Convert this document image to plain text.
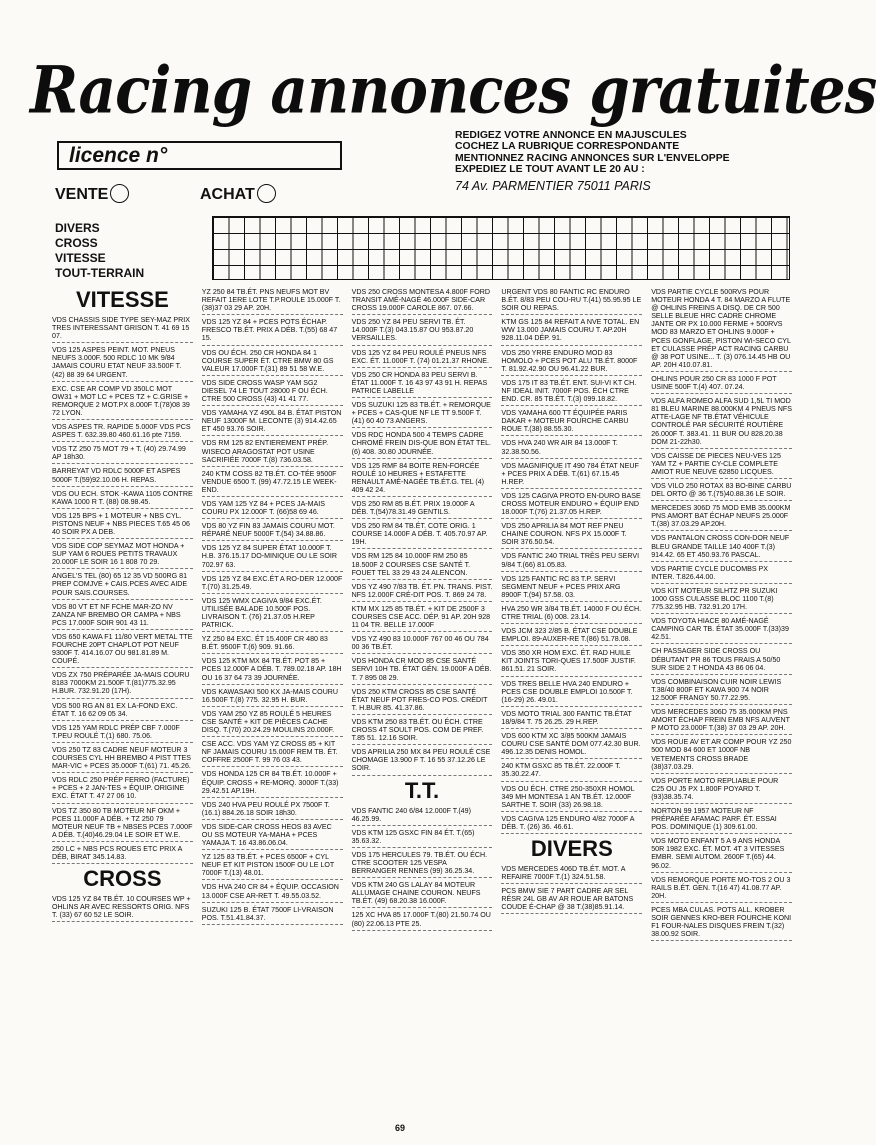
Racing annonces gratuites
licence n°
REDIGEZ VOTRE ANNONCE EN MAJUSCULES
COCHEZ LA RUBRIQUE CORRESPONDANTE
MENTIONNEZ RACING ANNONCES SUR L'ENVELOPPE
EXPEDIEZ LE TOUT AVANT LE 20 AU :
74 Av. PARMENTIER 75011 PARIS
VENTE	ACHAT
DIVERS
CROSS
VITESSE
TOUT-TERRAIN
VITESSE
VDS CHASSIS SIDE TYPE SEY-MAZ PRIX TRES INTERESSANT GRISON T. 41 69 15 07.
VDS 125 ASPES PEINT. MOT. PNEUS NEUFS 3.000F. 500 RDLC 10 MK 9/84 JAMAIS COURU ETAT NEUF 33.500F T. (42) 88 39 64 URGENT.
EXC. CSE AR COMP VD 350LC MOT OW31 + MOT LC + PCES TZ + C.GRISE + REMORQUE 2 MOT.PX 8.000F T.(78)08 39 72 LYON.
VDS ASPES TR. RAPIDE 5.000F VDS PCS ASPES T. 632.39.80 460.61.16 pte 7159.
VDS TZ 250 75 MOT 79 + T. (40) 29.74.99 AP 18h30.
BARREYAT VD RDLC 5000F ET ASPES 5000F T.(59)92.10.06 H. REPAS.
VDS OU ECH. STOK -KAWA 1105 CONTRE KAWA 1000 R T. (88) 08.98.45.
VDS 125 BPS + 1 MOTEUR + NBS CYL. PISTONS NEUF + NBS PIECES T.65 45 06 40 SOIR PX A DEB.
VDS SIDE COP SEYMAZ MOT HONDA + SUP YAM 6 ROUES PETITS TRAVAUX 20.000F LE SOIR 16 1 808 70 29.
ANGEL'S TEL (80) 65 12 35 VD 500RG 81 PREP COMJVE + CAIS.PCES AVEC AIDE POUR SAIS.COURSES.
VDS 80 VT ET NF FCHE MAR-ZO NV ZANZA NF BREMBO OR CAMPA + NBS PCS 17.000F SOIR 901 43 11.
VDS 650 KAWA F1 11/80 VERT METAL TTE FOURCHE 20PT CHAPLOT POT NEUF 9300F T. 414.16.07 OU 981.81.89 M. COUPÉ.
VDS ZX 750 PRÉPARÉE JA-MAIS COURU 8183 7000KM 21.500F T.(81)775.32.95 H.BUR. 732.91.20 (17H).
VDS 500 RG AN 81 EX LA-FOND EXC. ÉTAT T. 16 62 09 05 34.
VDS 125 YAM RDLC PRÉP CBF 7.000F T.PEU ROULÉ T.(1) 680. 75.06.
VDS 250 TZ 83 CADRE NEUF MOTEUR 3 COURSES CYL HH BREMBO 4 PIST TTES MAR-VIC + PCES 35.000F T.(61) 71. 45.26.
VDS RDLC 250 PRÉP FERRO (FACTURE) + PCES + 2 JAN-TES + ÉQUIP. ORIGINE EXC. ÉTAT T. 47 27 06 10.
VDS TZ 350 80 TB MOTEUR NF OKM + PCES 11.000F A DÉB. + TZ 250 79 MOTEUR NEUF TB + NBSES PCES 7.000F A DÉB. T.(40)46.29.04 LE SOIR ET W.E.
250 LC + NBS PCS ROUES ETC PRIX A DÉB, BIRAT 345.14.83.
CROSS
VDS 125 YZ 84 TB.ÉT. 10 COURSES WP + OHLINS AR AVEC RESSORTS ORIG. NFS T. (33) 67 60 52 LE SOIR.
YZ 250 84 TB.ÉT. PNS NEUFS MOT BV REFAIT 1ERE LOTE T.P.ROULE 15.000F T.(38)37 03 29 AP. 20H.
VDS 125 YZ 84 + PCES POTS ÉCHAP. FRESCO TB.ÉT. PRIX A DÉB. T.(55) 68 47 15.
VDS OU ÉCH. 250 CR HONDA 84 1 COURSE SUPER ÉT. CTRE BMW 80 GS VALEUR 17.000F T.(31) 89 51 58 W.E.
VDS SIDE CROSS WASP YAM SG2 DIESEL 74 LE TOUT 28000 F OU ÉCH. CTRE 500 CROSS (43) 41 41 77.
VDS YAMAHA YZ 490L 84 B. ÉTAT PISTON NEUF 13000F M. LECONTE (3) 914.42.65 ET 450 93.76 SOIR.
VDS RM 125 82 ENTIEREMENT PRÉP. WISECO ARAGOSTAT POT USINE SACRIFIÉE 7000F T.(8) 736.03.58.
240 KTM COSS 82 TB.ÉT. CO-TÉE 9500F VENDUE 6500 T. (99) 47.72.15 LE WEEK-END.
VDS YAM 125 YZ 84 + PCES JA-MAIS COURU PX 12.000F T. (66)58 69 46.
VDS 80 YZ FIN 83 JAMAIS COURU MOT. RÉPARÉ NEUF 5000F T.(54) 34.88.86.
VDS 125 YZ 84 SUPER ÉTAT 10.000F T. H.B. 376.15.17 DO-MINIQUE OU LE SOIR 702.97 63.
VDS 125 YZ 84 EXC.ÉT A RO-DER 12.000F T.(70) 31.25.49.
VDS 125 WMX CAGIVA 9/84 EXC.ÉT. UTILISÉE BALADE 10.500F POS. LIVRAISON T. (76) 21.37.05 H.REP PATRICK.
YZ 250 84 EXC. ÉT 15.400F CR 480 83 B.ÉT. 9500F T.(6) 909. 91.66.
VDS 125 KTM MX 84 TB.ÉT. POT 85 + PCES 12.000F A DÉB. T. 789.02.18 AP. 18H OU 16 37 64 73 39 JOURNÉE.
VDS KAWASAKI 500 KX JA-MAIS COURU 16.500F T.(8) 775. 32.95 H. BUR.
VDS YAM 250 YZ 85 ROULÉ 5 HEURES CSE SANTÉ + KIT DE PIÈCES CACHE DISQ. T.(70) 20.24.29 MOULINS 20.000F.
CSE ACC. VDS YAM YZ CROSS 85 + KIT NF JAMAIS COURU 15.000F REM TB. ÉT. COFFRE 2500F T. 99 76 03 43.
VDS HONDA 125 CR 84 TB.ÉT. 10.000F + ÉQUIP. CROSS + RE-MORQ. 3000F T.(33) 29.42.51 AP.19H.
VDS 240 HVA PEU ROULÉ PX 7500F T.(16.1) 884.26.18 SOIR 18h30.
VDS SIDE-CAR CROSS HEOS 83 AVEC OU SS MOTEUR YA-MAHA + PCES YAMAJA T. 16 43.86.06.04.
YZ 125 83 TB.ÉT. + PCES 6500F + CYL NEUF ET KIT PISTON 1500F OU LE LOT 7000F T.(13) 48.01.
VDS HVA 240 CR 84 + ÉQUIP. OCCASION 13.000F CSE AR-RET T. 49.55.03.52.
SUZUKI 125 B. ÉTAT 7500F LI-VRAISON POS. T.51.41.84.37.
VDS 250 CROSS MONTESA 4.800F FORD TRANSIT AMÉ-NAGÉ 46.000F SIDE-CAR CROSS 19.000F CAROLE 867. 07.66.
VDS 250 YZ 84 PEU SERVI TB. ÉT. 14.000F T.(3) 043.15.87 OU 953.87.20 VERSAILLES.
VDS 125 YZ 84 PEU ROULÉ PNEUS NFS EXC. ÉT. 11.000F T. (74) 01.21.37 RHONE.
VDS 250 CR HONDA 83 PEU SERVI B. ÉTAT 11.000F T. 16 43 97 43 91 H. REPAS PATRICE LABELLE
VDS SUZUKI 125 83 TB.ÉT. + REMORQUE + PCES + CAS-QUE NF LE TT 9.500F T.(41) 60 40 73 ANGERS.
VDS RDC HONDA 500 4 TEMPS CADRE CHROMÉ FREIN DIS-QUE BON ÉTAT TEL. (6) 408. 30.80 JOURNÉE.
VDS 125 RMF 84 BOITE REN-FORCÉE ROULÉ 10 HEURES + ESTAFETTE RENAULT AMÉ-NAGÉE TB.ÉT.G. TEL (4) 409 42 24.
VDS 250 RM 85 B.ÉT. PRIX 19.000F A DÉB. T.(54)78.31.49 GENTILS.
VDS 250 RM 84 TB.ÉT. COTE ORIG. 1 COURSE 14.000F A DÉB. T. 405.70.97 AP. 19H.
VDS RM 125 84 10.000F RM 250 85 18.500F 2 COURSES CSE SANTÉ T. FOUET TEL 33 29 43 24 ALENCON.
VDS YZ 490 7/83 TB. ÉT. PN. TRANS. PIST. NFS 12.000F CRÉ-DIT POS. T. 869 24 78.
KTM MX 125 85 TB.ÉT. + KIT DE 2500F 3 COURSES CSE ACC. DÉP. 91 AP. 20H 928 11 04 TR. BELLE 17.000F
VDS YZ 490 83 10.000F 767 00 46 OU 784 00 36 TB.ÉT.
VDS HONDA CR MOD 85 CSE SANTÉ SERVI 10H TB. ÉTAT GÉN. 19.000F A DÉB. T. 7 895 08 29.
VDS 250 KTM CROSS 85 CSE SANTÉ ÉTAT NEUF POT FRES-CO POS. CRÉDIT T. H.BUR 85. 41.37.86.
VDS KTM 250 83 TB.ÉT. OU ÉCH. CTRE CROSS 4T SOULT POS. COM DE PREF. T.85 51. 12.16 SOIR.
VDS APRILIA 250 MX 84 PEU ROULÉ CSE CHOMAGE 13.900 F T. 16 55 37.12.26 LE SOIR.
T.T.
VDS FANTIC 240 6/84 12.000F T.(49) 46.25.99.
VDS KTM 125 GSXC FIN 84 ÉT. T.(65) 35.63.32.
VDS 175 HERCULES 79. TB.ÉT. OU ÉCH. CTRE SCOOTER 125 VESPA BERRANGER RENNES (99) 36.25.34.
VDS KTM 240 GS LALAY 84 MOTEUR ALLUMAGE CHAINE COURON. NEUFS TB.ÉT. (49) 68.20.38 16.000F.
125 XC HVA 85 17.000F T.(80) 21.50.74 OU (80) 22.06.13 PTE 25.
URGENT VDS 80 FANTIC RC ENDURO B.ÉT. 8/83 PEU COU-RU T.(41) 55.95.95 LE SOIR OU REPAS.
KTM GS 125 84 REFAIT A NVE TOTAL. EN WW 13.000 JAMAIS COURU T. AP.20H 928.11.04 DÉP. 91.
VDS 250 YRRE ENDURO MOD 83 HOMOLO + PCES POT ALU TB.ÉT. 8000F T. 81.92.42.90 OU 96.41.22 BUR.
VDS 175 IT 83 TB.ÉT. ENT. SUI-VI KT CH. NF IDEAL INIT. 7000F POS. ÉCH CTRE END. CR. 85 TB.ÉT. T.(3) 099.18.82.
VDS YAMAHA 600 TT ÉQUIPÉE PARIS DAKAR + MOTEUR FOURCHE CARBU ROUE T.(38) 88.55.30.
VDS HVA 240 WR AIR 84 13.000F T. 32.38.50.56.
VDS MAGNIFIQUE IT 490 784 ÉTAT NEUF + PCES PRIX A DÉB. T.(61) 67.15.45 H.REP.
VDS 125 CAGIVA PROTO EN-DURO BASE CROSS MOTEUR ENDURO + ÉQUIP END 18.000F T.(76) 21.37.05 H.REP.
VDS 250 APRILIA 84 MOT REF PNEU CHAINE COURON. NFS PX 15.000F T. SOIR 376.50.54.
VDS FANTIC 240 TRIAL TRÈS PEU SERVI 9/84 T.(66) 81.05.83.
VDS 125 FANTIC RC 83 T.P. SERVI SEGMENT NEUF + PCES PRIX ARG 8900F T.(94) 57.58. 03.
HVA 250 WR 3/84 TB.ÉT. 14000 F OU ÉCH. CTRE TRIAL (6) 008. 23.14.
VDS JCM 323 2/85 B. ÉTAT CSE DOUBLE EMPLOI. 89-AUXER-RE T.(86) 51.78.08.
VDS 350 XR HOM EXC. ÉT. RAD HUILE KIT JOINTS TORI-QUES 17.500F JUSTIF. 861.51. 21 SOIR.
VDS TRES BELLE HVA 240 ENDURO + PCES CSE DOUBLE EMPLOI 10.500F T.(16-29) 26. 49.01.
VDS MOTO TRIAL 300 FANTIC TB.ÉTAT 18/9/84 T. 75 26.25. 29 H.REP.
VDS 600 KTM XC 3/85 500KM JAMAIS COURU CSE SANTÉ DOM 077.42.30 BUR. 496.12.35 DENIS HOMOL.
240 KTM GSXC 85 TB.ÉT. 22.000F T. 35.30.22.47.
VDS OU ÉCH. CTRE 250-350XR HOMOL 349 MH MONTESA 1 AN TB.ÉT. 12.000F SARTHE T. SOIR (33) 26.98.18.
VDS CAGIVA 125 ENDURO 4/82 7000F A DÉB. T. (26) 36. 46.61.
DIVERS
VDS MERCEDES 406D TB.ÉT. MOT. A REFAIRE 7000F T.(1) 324.51.58.
PCS BMW SIE 7 PART CADRE AR SEL RÉSR 24L GB AV AR ROUE AR BATONS COUDE É-CHAP @ 38 T.(38)85.91.14.
VDS PARTIE CYCLE 500RVS POUR MOTEUR HONDA 4 T. 84 MARZO A FLUTE @ OHLINS FREINS A DISQ. DE CR 500 SELLE BLEUE HRC CADRE CHROME JANTE OR PX 10.000 FERME + 500RVS MOD 83 MARZO ET OHLINS 9.000F + PCES GONFLAGE, PISTON WI-SECO CYL ET CULASSE PRÉP ACT RACING CARBU @ 38 POT USINE... T. (3) 076.14.45 HB OU AP. 20H 410.07.81.
OHLINS POUR 250 CR 83 1000 F POT USINE 500F T.(4) 407. 07.24.
VDS ALFA ROMEO ALFA SUD 1,5L TI MOD 81 BLEU MARINE 88.000KM 4 PNEUS NFS ATTE-LAGE NF TB.ÉTAT VÉHICULE CONTROLÉ PAR SÉCURITÉ ROUTIÈRE 26.000F T. 383.41. 11 BUR OU 828.20.38 DOM 21-22h30.
VDS CAISSE DE PIECES NEU-VES 125 YAM TZ + PARTIE CY-CLE COMPLETE AMIOT RUE NEUVE 62850 LICQUES.
VDS VILO 250 ROTAX 83 BO-BINE CARBU DEL ORTO @ 36 T.(75)40.88.36 LE SOIR.
MERCEDES 306D 75 MOD EMB 35.000KM PNS AMORT BAT ÉCHAP NEUFS 25.000F T.(38) 37.03.29 AP.20H.
VDS PANTALON CROSS CON-DOR NEUF BLEU GRANDE TAILLE 140 400F T.(3) 914.42. 65 ET 450.93.76 PASCAL.
VDS PARTIE CYCLE DUCOMBS PX INTER. T.826.44.00.
VDS KIT MOTEUR SILHTZ PR SUZUKI 1000 GSS CULASSE BLOC 1100 T.(8) 775.32.95 HB. 732.91.20 17H.
VDS TOYOTA HIACE 80 AMÉ-NAGÉ CAMPING CAR TB. ÉTAT 35.000F T.(33)39 42.51.
CH PASSAGER SIDE CROSS OU DÉBUTANT PR 86 TOUS FRAIS A 50/50 SUR SIDE 2 T HONDA 43 86 06 04.
VDS COMBINAISON CUIR NOIR LEWIS T.38/40 800F ET KAWA 900 74 NOIR 12.500F FRANGY 50.77.22.95.
VDS MERCEDES 306D 75 35.000KM PNS AMORT ÉCHAP FREIN EMB NFS AUVENT P MOTO 23.000F T.(38) 37 03 29 AP. 20H.
VDS ROUE AV ET AR COMP POUR YZ 250 500 MOD 84 600 ET 1000F NB VETEMENTS CROSS BRADE (38)37.03.29.
VDS PORTE MOTO REPLIABLE POUR C25 OU J5 PX 1.800F POYARD T.(93)38.35.74.
NORTON 99 1957 MOTEUR NF PRÉPARÉE AFAMAC PARF. ÉT. ESSAI POS. DOMINIQUE (1) 309.61.00.
VDS MOTO ENFANT 5 A 9 ANS HONDA 50R 1982 EXC. ÉT. MOT. 4T 3 VITESSES EMBR. SEMI AUTOM. 2600F T.(65) 44. 96.02.
VDS REMORQUE PORTE MO-TOS 2 OU 3 RAILS B.ÉT. GEN. T.(16 47) 41.08.77 AP. 20H.
PCES MBA CULAS. POTS ALL. KROBER SOIR GENNES KRO-BER FOURCHE KONI F1 FOUR-NALES DISQUES FREIN T.(32) 38.00.92 SOIR.
69
